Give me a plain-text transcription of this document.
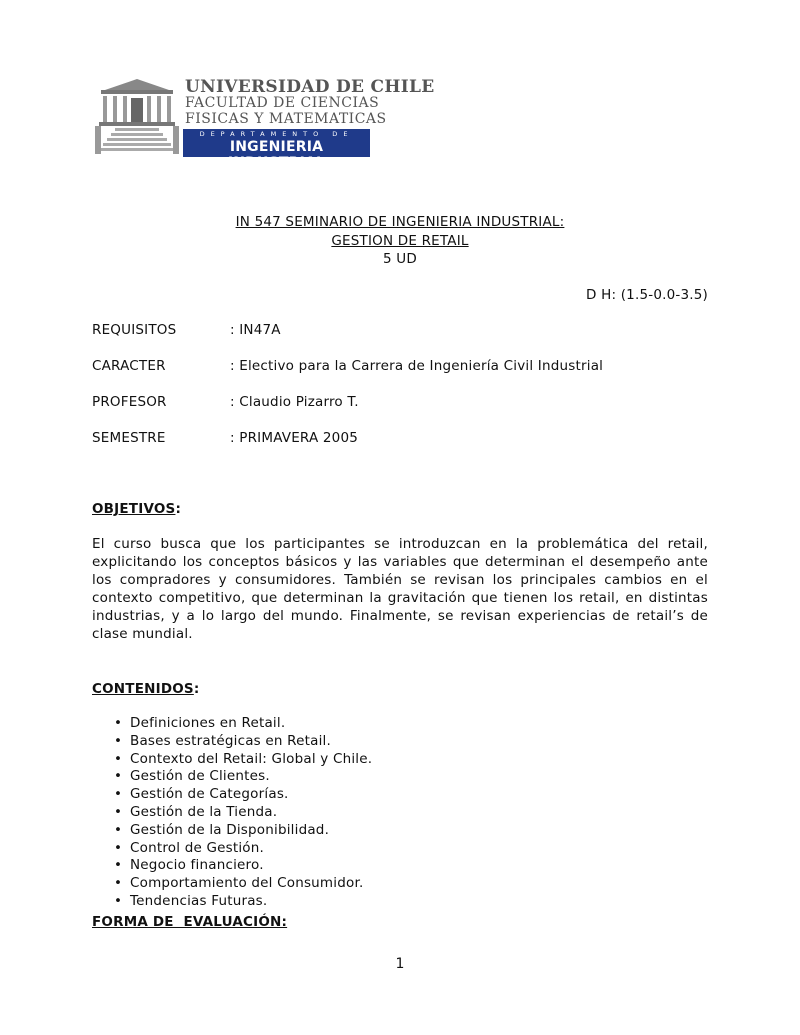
UNIVERSIDAD DE CHILE
FACULTAD DE CIENCIAS
FISICAS Y MATEMATICAS
DEPARTAMENTO DE
INGENIERIA INDUSTRIAL
IN 547 SEMINARIO DE INGENIERIA INDUSTRIAL:
GESTION DE RETAIL
5 UD
D H: (1.5-0.0-3.5)
REQUISITOS	: IN47A
CARACTER	: Electivo para la Carrera de Ingeniería Civil Industrial
PROFESOR	: Claudio Pizarro T.
SEMESTRE	: PRIMAVERA 2005
OBJETIVOS:
El curso busca que los participantes se introduzcan en la problemática del retail, explicitando los conceptos básicos y las variables que determinan el desempeño ante los compradores y consumidores. También se revisan los principales cambios en el contexto competitivo, que determinan la gravitación que tienen los retail, en distintas industrias, y a lo largo del mundo. Finalmente, se revisan experiencias de retail’s de clase mundial.
CONTENIDOS:
• Definiciones en Retail.
• Bases estratégicas en Retail.
• Contexto del Retail: Global y Chile.
• Gestión de Clientes.
• Gestión de Categorías.
• Gestión de la Tienda.
• Gestión de la Disponibilidad.
• Control de Gestión.
• Negocio financiero.
• Comportamiento del Consumidor.
• Tendencias Futuras.
FORMA DE  EVALUACIÓN:
1
